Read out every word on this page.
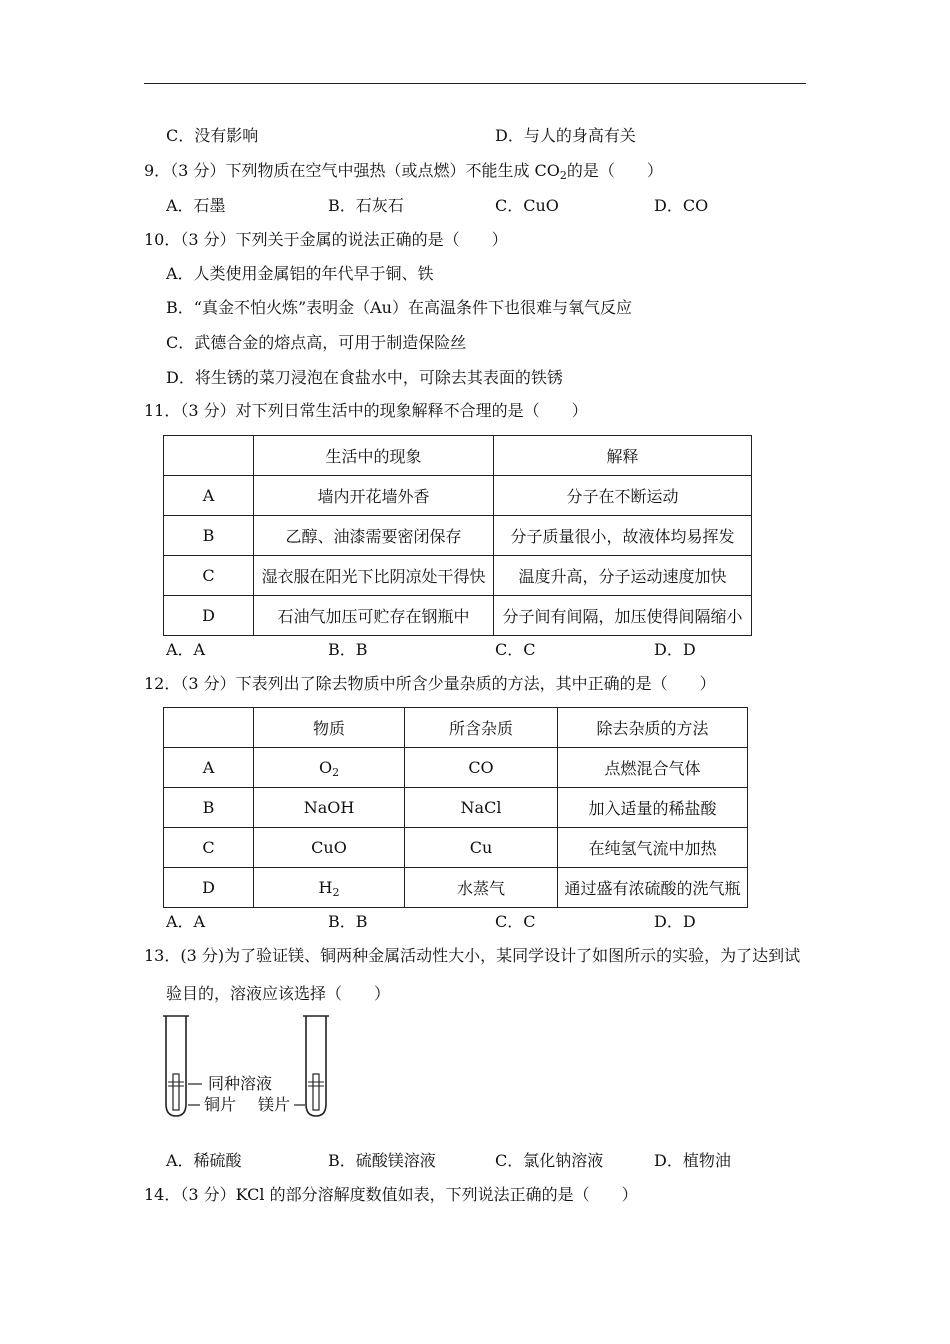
C．没有影响	D．与人的身高有关
9．（3 分）下列物质在空气中强热（或点燃）不能生成 $CO_2$的是（　　）
A．石墨	B．石灰石	C．CuO	D．CO
10．（3 分）下列关于金属的说法正确的是（　　）
A．人类使用金属铝的年代早于铜、铁
B．“真金不怕火炼”表明金（Au）在高温条件下也很难与氧气反应
C．武德合金的熔点高，可用于制造保险丝
D．将生锈的菜刀浸泡在食盐水中，可除去其表面的铁锈
11．（3 分）对下列日常生活中的现象解释不合理的是（　　）
	生活中的现象	解释
A	墙内开花墙外香	分子在不断运动
B	乙醇、油漆需要密闭保存	分子质量很小，故液体均易挥发
C	湿衣服在阳光下比阴凉处干得快	温度升高，分子运动速度加快
D	石油气加压可贮存在钢瓶中	分子间有间隔，加压使得间隔缩小
A．A	B．B	C．C	D．D
12．（3 分）下表列出了除去物质中所含少量杂质的方法，其中正确的是（　　）
	物质	所含杂质	除去杂质的方法
A	$O_2$	CO	点燃混合气体
B	NaOH	NaCl	加入适量的稀盐酸
C	CuO	Cu	在纯氢气流中加热
D	$H_2$	水蒸气	通过盛有浓硫酸的洗气瓶
A．A	B．B	C．C	D．D
13．(3 分)为了验证镁、铜两种金属活动性大小，某同学设计了如图所示的实验，为了达到试
验目的，溶液应该选择（　　）
同种溶液
铜片 镁片
A．稀硫酸	B．硫酸镁溶液	C．氯化钠溶液	D．植物油
14．（3 分）KCl 的部分溶解度数值如表，下列说法正确的是（　　）
